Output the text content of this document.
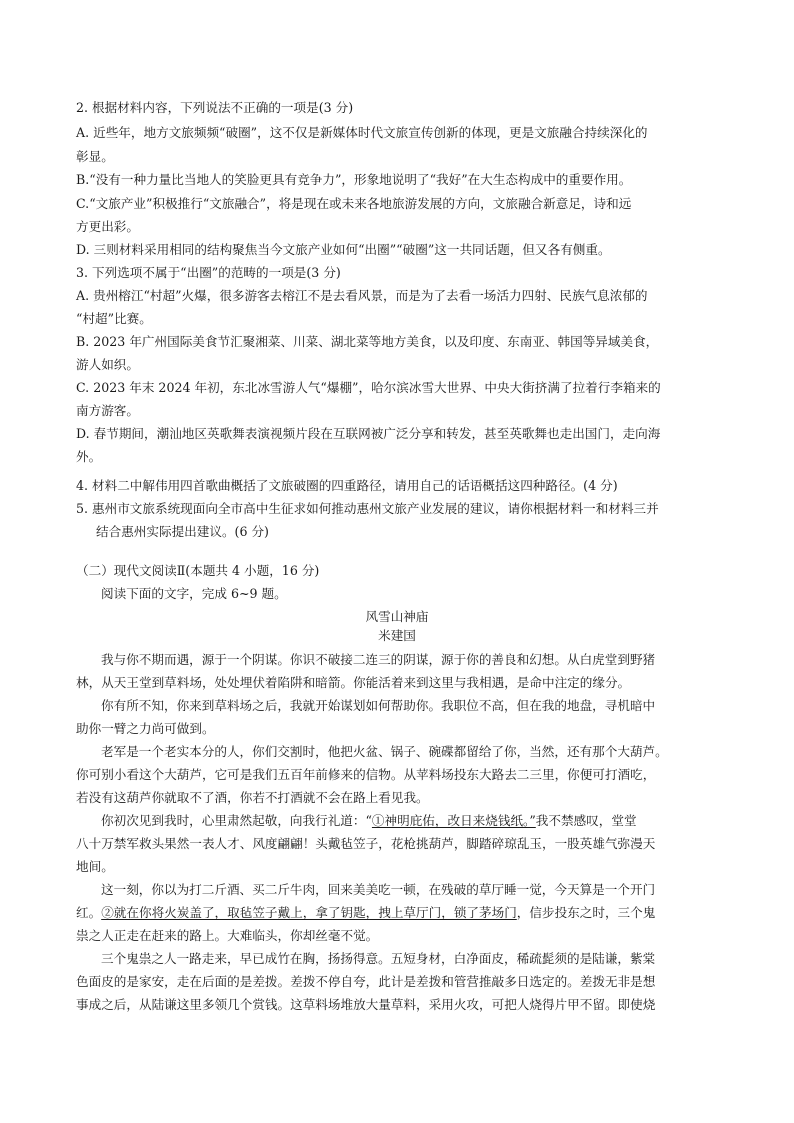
2. 根据材料内容，下列说法不正确的一项是(3 分)
A. 近些年，地方文旅频频“破圈”，这不仅是新媒体时代文旅宣传创新的体现，更是文旅融合持续深化的
彰显。
B.“没有一种力量比当地人的笑脸更具有竞争力”，形象地说明了“我好”在大生态构成中的重要作用。
C.“文旅产业”积极推行“文旅融合”，将是现在或未来各地旅游发展的方向，文旅融合新意足，诗和远
方更出彩。
D. 三则材料采用相同的结构聚焦当今文旅产业如何“出圈”“破圈”这一共同话题，但又各有侧重。
3. 下列选项不属于“出圈”的范畴的一项是(3 分)
A. 贵州榕江“村超”火爆，很多游客去榕江不是去看风景，而是为了去看一场活力四射、民族气息浓郁的
“村超”比赛。
B. 2023 年广州国际美食节汇聚湘菜、川菜、湖北菜等地方美食，以及印度、东南亚、韩国等异域美食，
游人如织。
C. 2023 年末 2024 年初，东北冰雪游人气“爆棚”，哈尔滨冰雪大世界、中央大街挤满了拉着行李箱来的
南方游客。
D. 春节期间，潮汕地区英歌舞表演视频片段在互联网被广泛分享和转发，甚至英歌舞也走出国门，走向海
外。
4. 材料二中解伟用四首歌曲概括了文旅破圈的四重路径，请用自己的话语概括这四种路径。(4 分)
5. 惠州市文旅系统现面向全市高中生征求如何推动惠州文旅产业发展的建议，请你根据材料一和材料三并
结合惠州实际提出建议。(6 分)
（二）现代文阅读Ⅱ(本题共 4 小题，16 分)
阅读下面的文字，完成 6~9 题。
风雪山神庙
米建国
我与你不期而遇，源于一个阴谋。你识不破接二连三的阴谋，源于你的善良和幻想。从白虎堂到野猪
林，从天王堂到草料场，处处埋伏着陷阱和暗箭。你能活着来到这里与我相遇，是命中注定的缘分。
你有所不知，你来到草料场之后，我就开始谋划如何帮助你。我职位不高，但在我的地盘，寻机暗中
助你一臂之力尚可做到。
老军是一个老实本分的人，你们交割时，他把火盆、锅子、碗碟都留给了你，当然，还有那个大葫芦。
你可别小看这个大葫芦，它可是我们五百年前修来的信物。从苹料场投东大路去二三里，你便可打酒吃，
若没有这葫芦你就取不了酒，你若不打酒就不会在路上看见我。
你初次见到我时，心里肃然起敬，向我行礼道：“①神明庇佑，改日来烧钱纸。”我不禁感叹，堂堂
八十万禁军救头果然一表人才、风度翩翩！头戴毡笠子，花枪挑葫芦，脚踏碎琼乱玉，一股英雄气弥漫天
地间。
这一刻，你以为打二斤酒、买二斤牛肉，回来美美吃一顿，在残破的草厅睡一觉，今天算是一个开门
红。②就在你将火炭盖了，取毡笠子戴上，拿了钥匙，拽上草厅门，锁了茅场门，信步投东之时，三个鬼
祟之人正走在赶来的路上。大难临头，你却丝毫不觉。
三个鬼祟之人一路走来，早已成竹在胸，扬扬得意。五短身材，白净面皮，稀疏髭须的是陆谦，紫棠
色面皮的是家安，走在后面的是差拨。差拨不停自夸，此计是差拨和管营推敲多日选定的。差拨无非是想
事成之后，从陆谦这里多领几个赏钱。这草料场堆放大量草料，采用火攻，可把人烧得片甲不留。即使烧
